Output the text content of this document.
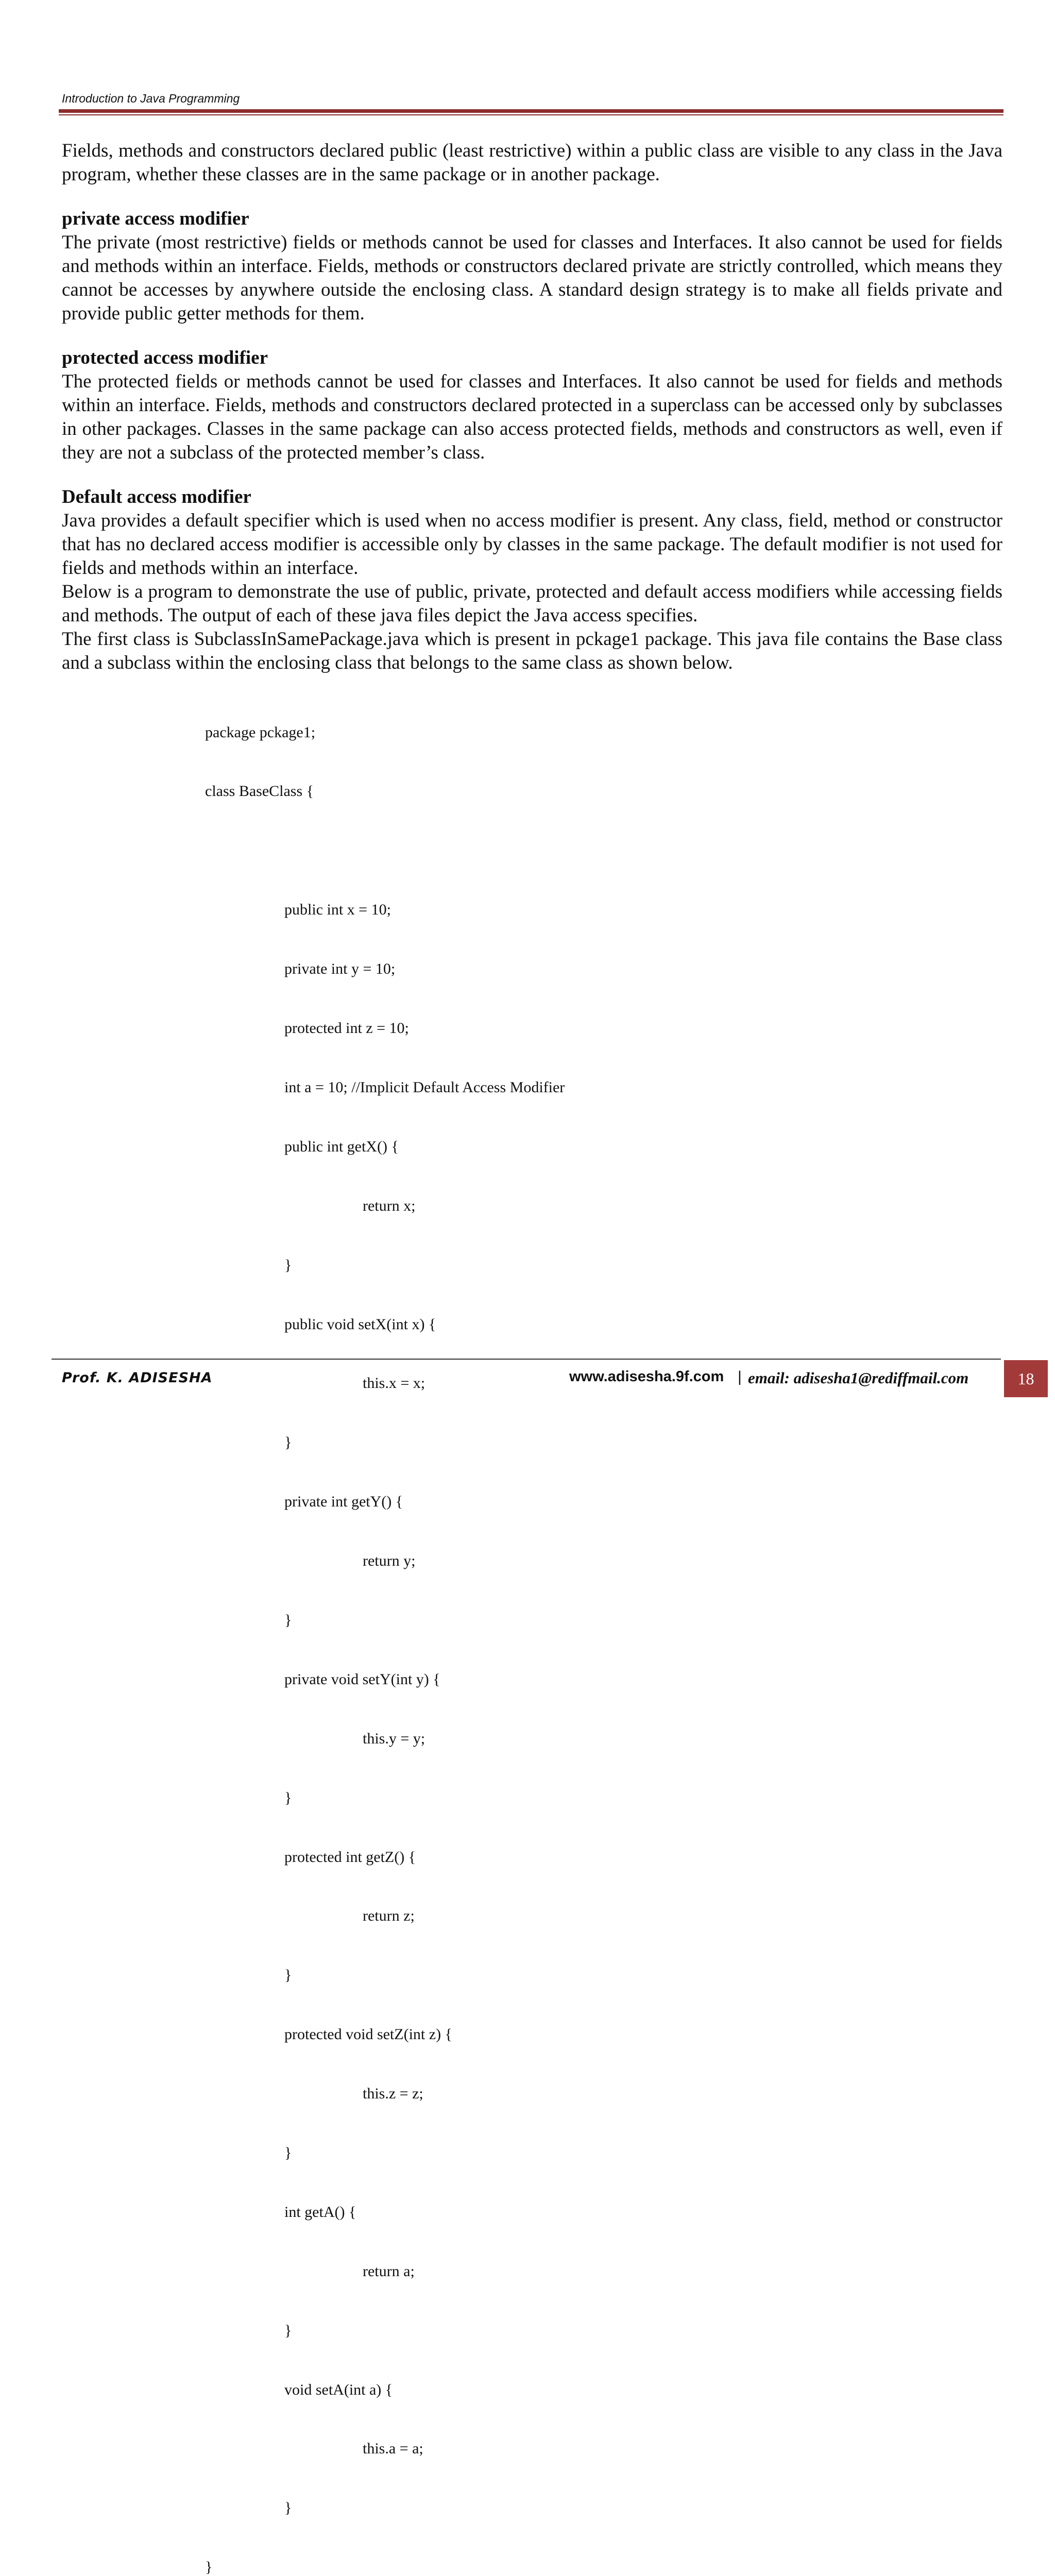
Introduction to Java Programming

Fields, methods and constructors declared public (least restrictive) within a public class are visible to any class in the Java program, whether these classes are in the same package or in another package.

private access modifier

The private (most restrictive) fields or methods cannot be used for classes and Interfaces. It also cannot be used for fields and methods within an interface. Fields, methods or constructors declared private are strictly controlled, which means they cannot be accesses by anywhere outside the enclosing class. A standard design strategy is to make all fields private and provide public getter methods for them.

protected access modifier

The protected fields or methods cannot be used for classes and Interfaces. It also cannot be used for fields and methods within an interface. Fields, methods and constructors declared protected in a superclass can be accessed only by subclasses in other packages. Classes in the same package can also access protected fields, methods and constructors as well, even if they are not a subclass of the protected member’s class.

Default access modifier

Java provides a default specifier which is used when no access modifier is present. Any class, field, method or constructor that has no declared access modifier is accessible only by classes in the same package. The default modifier is not used for fields and methods within an interface.

Below is a program to demonstrate the use of public, private, protected and default access modifiers while accessing fields and methods. The output of each of these java files depict the Java access specifies.

The first class is SubclassInSamePackage.java which is present in pckage1 package. This java file contains the Base class and a subclass within the enclosing class that belongs to the same class as shown below.

package pckage1;

class BaseClass {

public int x = 10;

private int y = 10;

protected int z = 10;

int a = 10; //Implicit Default Access Modifier

public int getX() {

return x;

}

public void setX(int x) {

this.x = x;

}

private int getY() {

return y;

}

private void setY(int y) {

this.y = y;

}

protected int getZ() {

return z;

}

protected void setZ(int z) {

this.z = z;

}

int getA() {

return a;

}

void setA(int a) {

this.a = a;

}

}

Prof. K. ADISESHA	www.adisesha.9f.com | email: adisesha1@rediffmail.com	18
